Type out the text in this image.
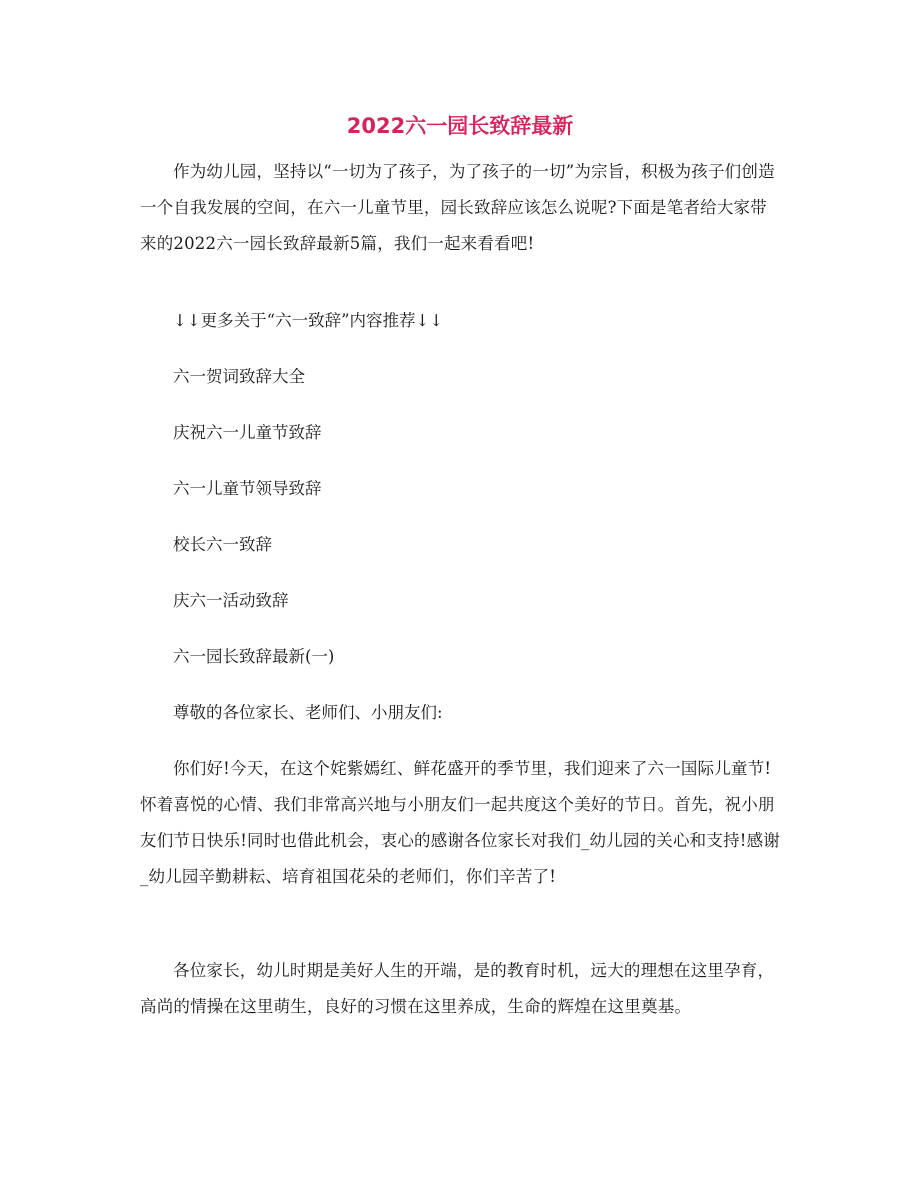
2022六一园长致辞最新

作为幼儿园，坚持以“一切为了孩子，为了孩子的一切”为宗旨，积极为孩子们创造一个自我发展的空间，在六一儿童节里，园长致辞应该怎么说呢?下面是笔者给大家带来的2022六一园长致辞最新5篇，我们一起来看看吧!

↓↓更多关于“六一致辞”内容推荐↓↓

六一贺词致辞大全

庆祝六一儿童节致辞

六一儿童节领导致辞

校长六一致辞

庆六一活动致辞

六一园长致辞最新(一)

尊敬的各位家长、老师们、小朋友们:

你们好!今天，在这个姹紫嫣红、鲜花盛开的季节里，我们迎来了六一国际儿童节!怀着喜悦的心情、我们非常高兴地与小朋友们一起共度这个美好的节日。首先，祝小朋友们节日快乐!同时也借此机会，衷心的感谢各位家长对我们_幼儿园的关心和支持!感谢_幼儿园辛勤耕耘、培育祖国花朵的老师们，你们辛苦了!

各位家长，幼儿时期是美好人生的开端，是的教育时机，远大的理想在这里孕育，高尚的情操在这里萌生，良好的习惯在这里养成，生命的辉煌在这里奠基。
